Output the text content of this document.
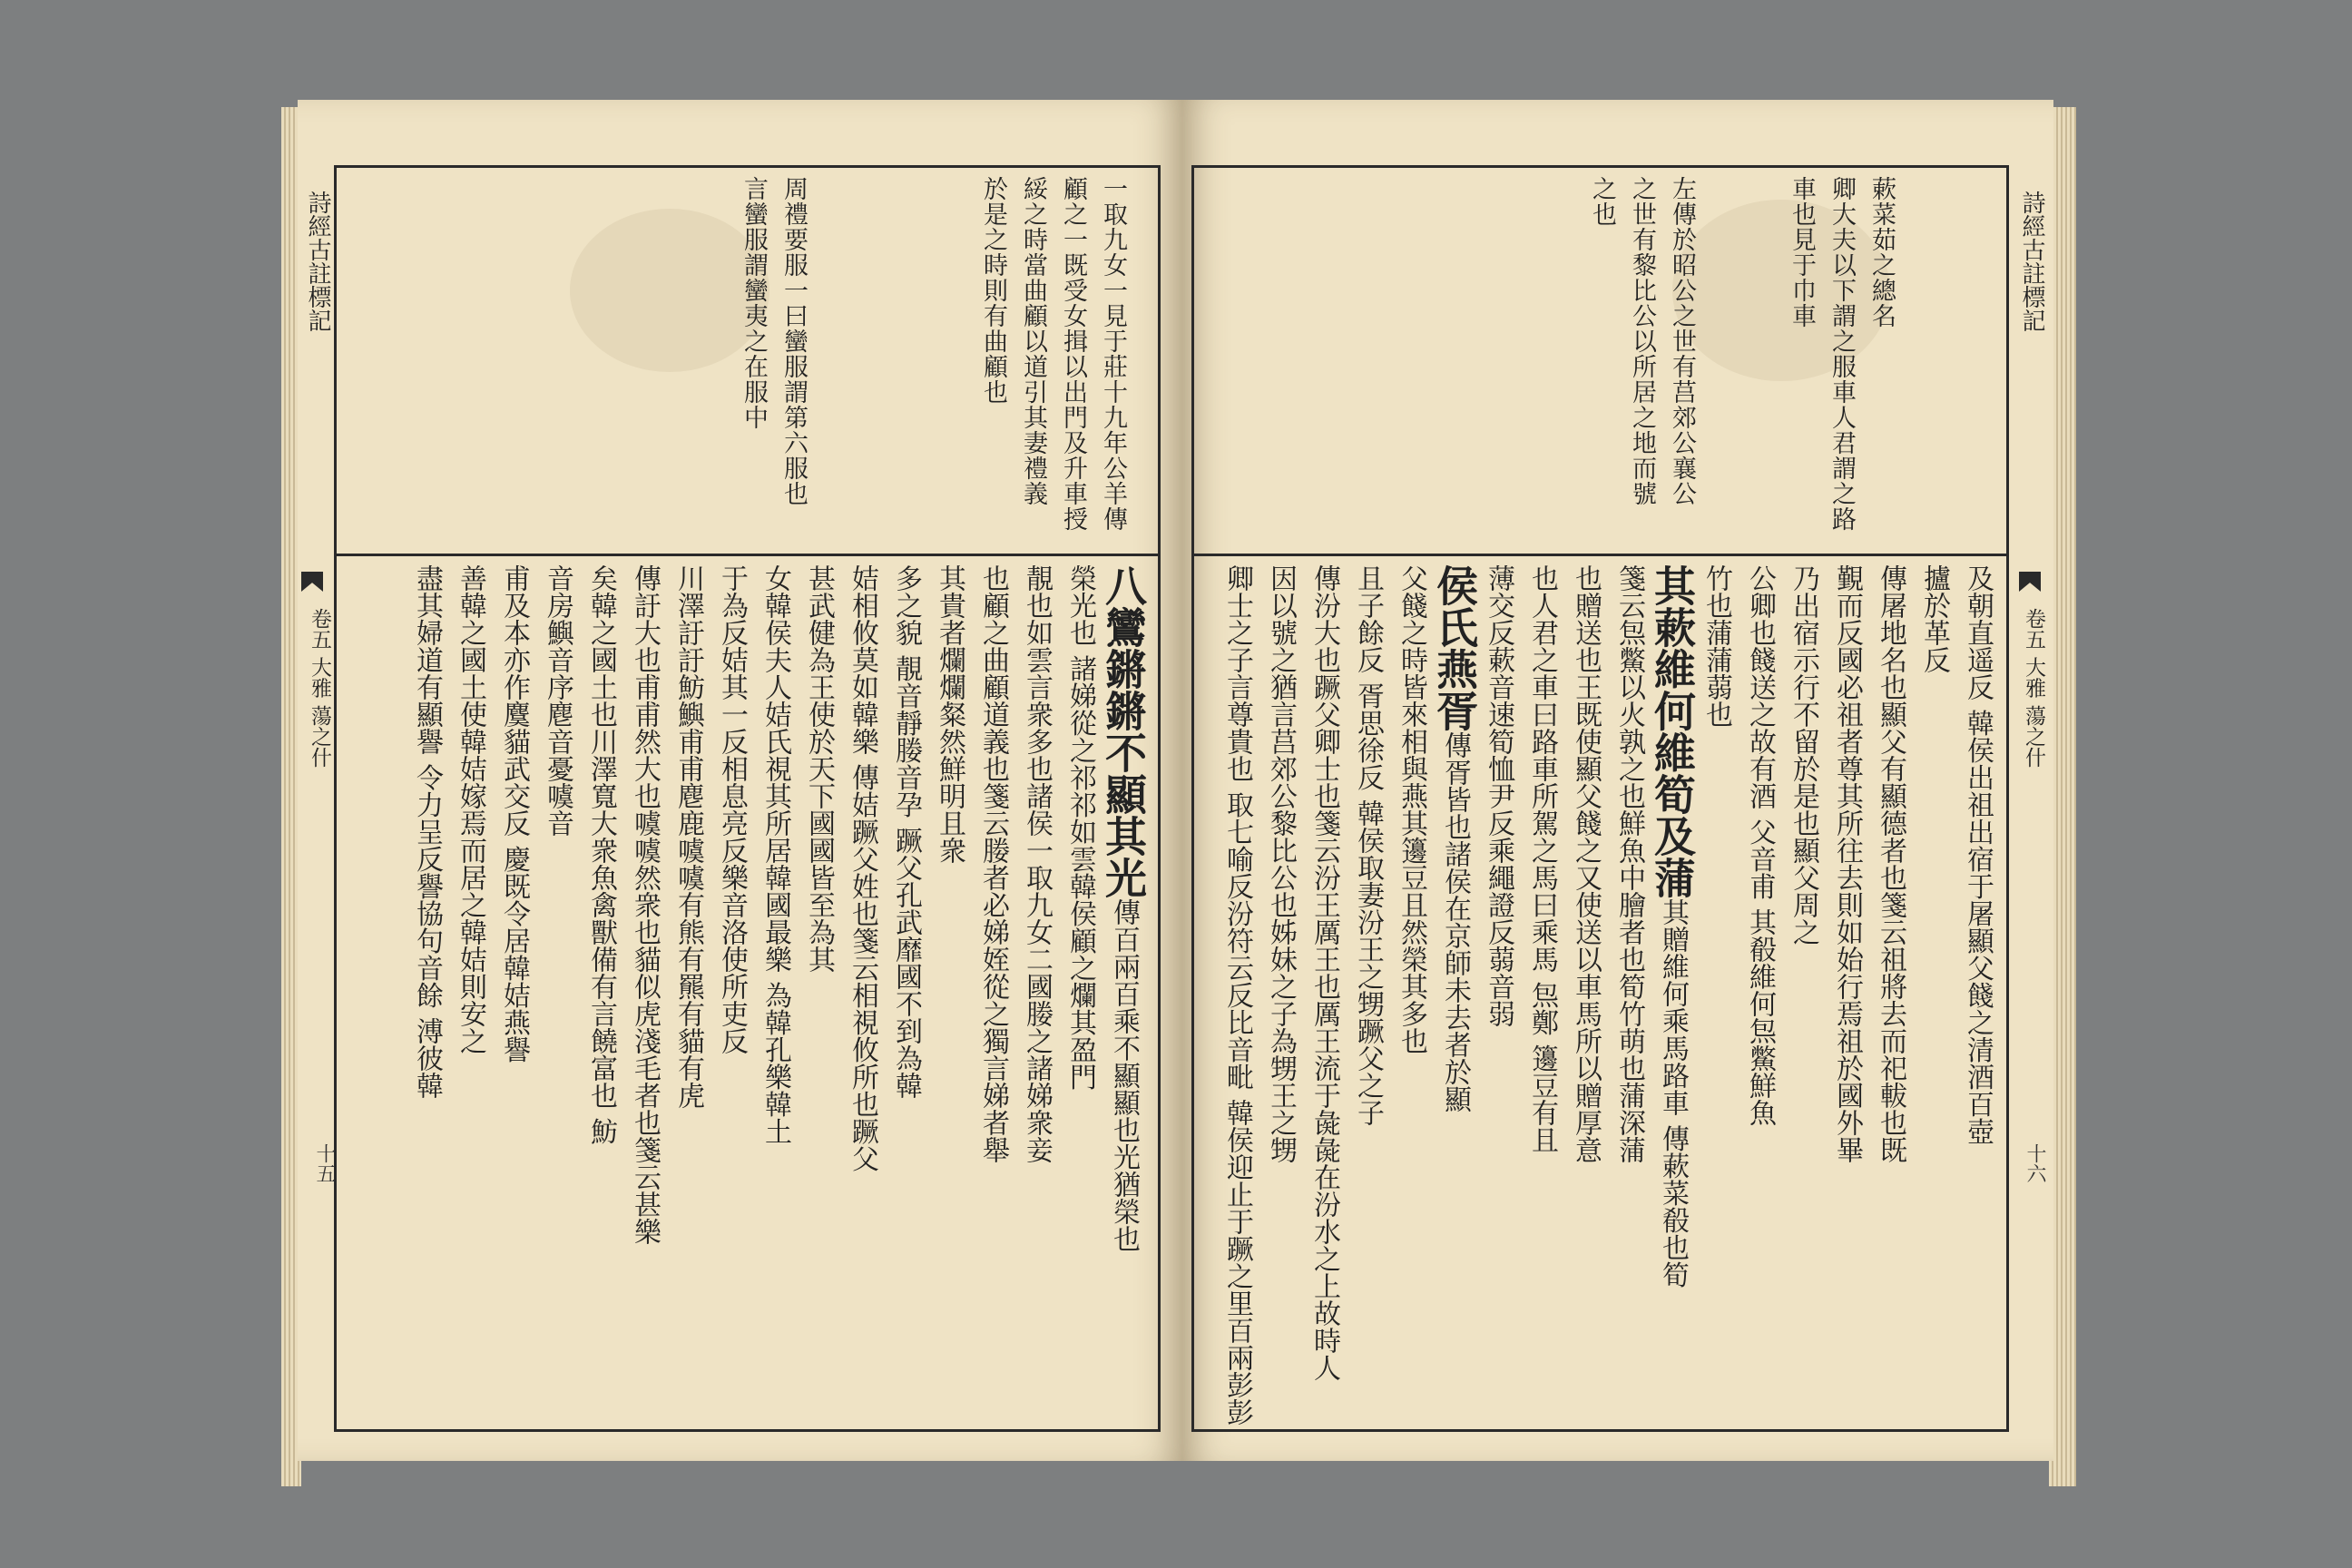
詩經古註標記
卷五 大雅 蕩之什
十五
一取九女一見于莊十九年公羊傳
顧之一既受女揖以出門及升車授
綏之時當曲顧以道引其妻禮義
於是之時則有曲顧也
周禮要服一曰蠻服謂第六服也
言蠻服謂蠻夷之在服中
八鸞鏘鏘不顯其光傳百兩百乘不顯顯也光猶榮也
榮光也 諸娣從之祁祁如雲韓侯顧之爛其盈門
靚也如雲言衆多也諸侯一取九女二國媵之諸娣衆妾
也顧之曲顧道義也箋云媵者必娣姪從之獨言娣者舉
其貴者爛爛粲然鮮明且衆
多之貌 靚音靜媵音孕 蹶父孔武靡國不到為韓
姞相攸莫如韓樂 傳姞蹶父姓也箋云相視攸所也蹶父
甚武健為王使於天下國國皆至為其
女韓侯夫人姞氏視其所居韓國最樂 為韓孔樂韓土
于為反姞其一反相息亮反樂音洛使所吏反
川澤訏訏魴鱮甫甫麀鹿噳噳有熊有羆有貓有虎
傳訏大也甫甫然大也噳噳然衆也貓似虎淺毛者也箋云甚樂
矣韓之國土也川澤寬大衆魚禽獸備有言饒富也 魴
音房鱮音序麀音憂噳音
甫及本亦作麌貓武交反 慶既令居韓姞燕譽
善韓之國土使韓姞嫁焉而居之韓姞則安之
盡其婦道有顯譽 令力呈反譽協句音餘 溥彼韓
詩經古註標記
卷五 大雅 蕩之什
十六
蔌菜茹之總名
卿大夫以下謂之服車人君謂之路
車也見于巾車
左傳於昭公之世有莒郊公襄公
之世有黎比公以所居之地而號
之也
及朝直遥反 韓侯出祖出宿于屠顯父餞之清酒百壺
攎於革反
傳屠地名也顯父有顯德者也箋云祖將去而祀軷也既
覲而反國必祖者尊其所往去則如始行焉祖於國外畢
乃出宿示行不留於是也顯父周之
公卿也餞送之故有酒 父音甫 其殽維何炰鱉鮮魚
竹也蒲蒲蒻也
其蔌維何維筍及蒲其贈維何乘馬路車 傳蔌菜殽也筍
箋云炰鱉以火孰之也鮮魚中膾者也筍竹萌也蒲深蒲
也贈送也王既使顯父餞之又使送以車馬所以贈厚意
也人君之車曰路車所駕之馬曰乘馬 炰鄭 籩豆有且
薄交反蔌音速筍恤尹反乘繩證反蒻音弱
侯氏燕胥傳胥皆也諸侯在京師未去者於顯
父餞之時皆來相與燕其籩豆且然榮其多也
且子餘反 胥思徐反 韓侯取妻汾王之甥蹶父之子
傳汾大也蹶父卿士也箋云汾王厲王也厲王流于彘彘在汾水之上故時人
因以號之猶言莒郊公黎比公也姊妹之子為甥王之甥
卿士之子言尊貴也 取七喻反汾符云反比音毗 韓侯迎止于蹶之里百兩彭彭
